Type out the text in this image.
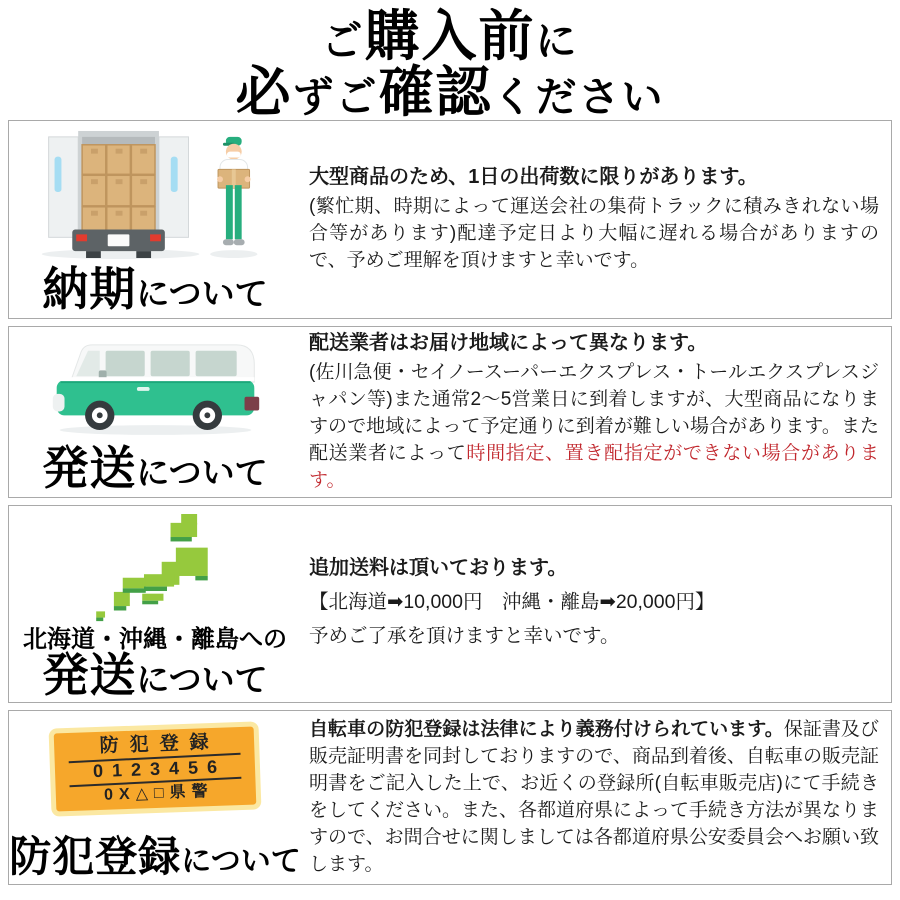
ご購入前に
必ずご確認ください
納期について

大型商品のため、1日の出荷数に限りがあります。

(繁忙期、時期によって運送会社の集荷トラックに積みきれない場合等があります)配達予定日より大幅に遅れる場合がありますので、予めご理解を頂けますと幸いです。

発送について

配送業者はお届け地域によって異なります。

(佐川急便・セイノースーパーエクスプレス・トールエクスプレスジャパン等)また通常2〜5営業日に到着しますが、大型商品になりますので地域によって予定通りに到着が難しい場合があります。また配送業者によって時間指定、置き配指定ができない場合があります。

北海道・沖縄・離島への
発送について

追加送料は頂いております。

【北海道➡10,000円　沖縄・離島➡20,000円】

予めご了承を頂けますと幸いです。

防犯登録
0123456
0X△□県警
防犯登録について

自転車の防犯登録は法律により義務付けられています。保証書及び販売証明書を同封しておりますので、商品到着後、自転車の販売証明書をご記入した上で、お近くの登録所(自転車販売店)にて手続きをしてください。また、各都道府県によって手続き方法が異なりますので、お問合せに関しましては各都道府県公安委員会へお願い致します。
